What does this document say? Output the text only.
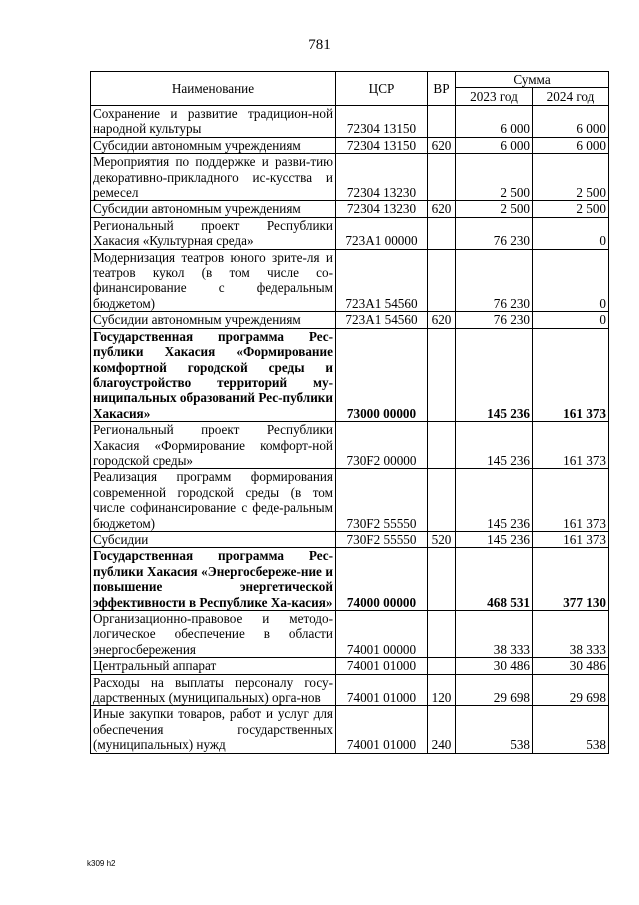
781
Наименование	ЦСР	ВР	Сумма	
			2023 год	2024 год
Сохранение и развитие традицион-ной народной культуры	72304 13150		6 000	6 000
Субсидии автономным учреждениям	72304 13150	620	6 000	6 000
Мероприятия по поддержке и разви-тию декоративно-прикладного ис-кусства и ремесел	72304 13230		2 500	2 500
Субсидии автономным учреждениям	72304 13230	620	2 500	2 500
Региональный проект Республики Хакасия «Культурная среда»	723А1 00000		76 230	0
Модернизация театров юного зрите-ля и театров кукол (в том числе со-финансирование с федеральным бюджетом)	723А1 54560		76 230	0
Субсидии автономным учреждениям	723А1 54560	620	76 230	0
Государственная программа Рес-публики Хакасия «Формирование комфортной городской среды и благоустройство территорий му-ниципальных образований Рес-публики Хакасия»	73000 00000		145 236	161 373
Региональный проект Республики Хакасия «Формирование комфорт-ной городской среды»	730F2 00000		145 236	161 373
Реализация программ формирования современной городской среды (в том числе софинансирование с феде-ральным бюджетом)	730F2 55550		145 236	161 373
Субсидии	730F2 55550	520	145 236	161 373
Государственная программа Рес-публики Хакасия «Энергосбереже-ние и повышение энергетической эффективности в Республике Ха-касия»	74000 00000		468 531	377 130
Организационно-правовое и методо-логическое обеспечение в области энергосбережения	74001 00000		38 333	38 333
Центральный аппарат	74001 01000		30 486	30 486
Расходы на выплаты персоналу госу-дарственных (муниципальных) орга-нов	74001 01000	120	29 698	29 698
Иные закупки товаров, работ и услуг для обеспечения государственных (муниципальных) нужд	74001 01000	240	538	538
k309 h2
